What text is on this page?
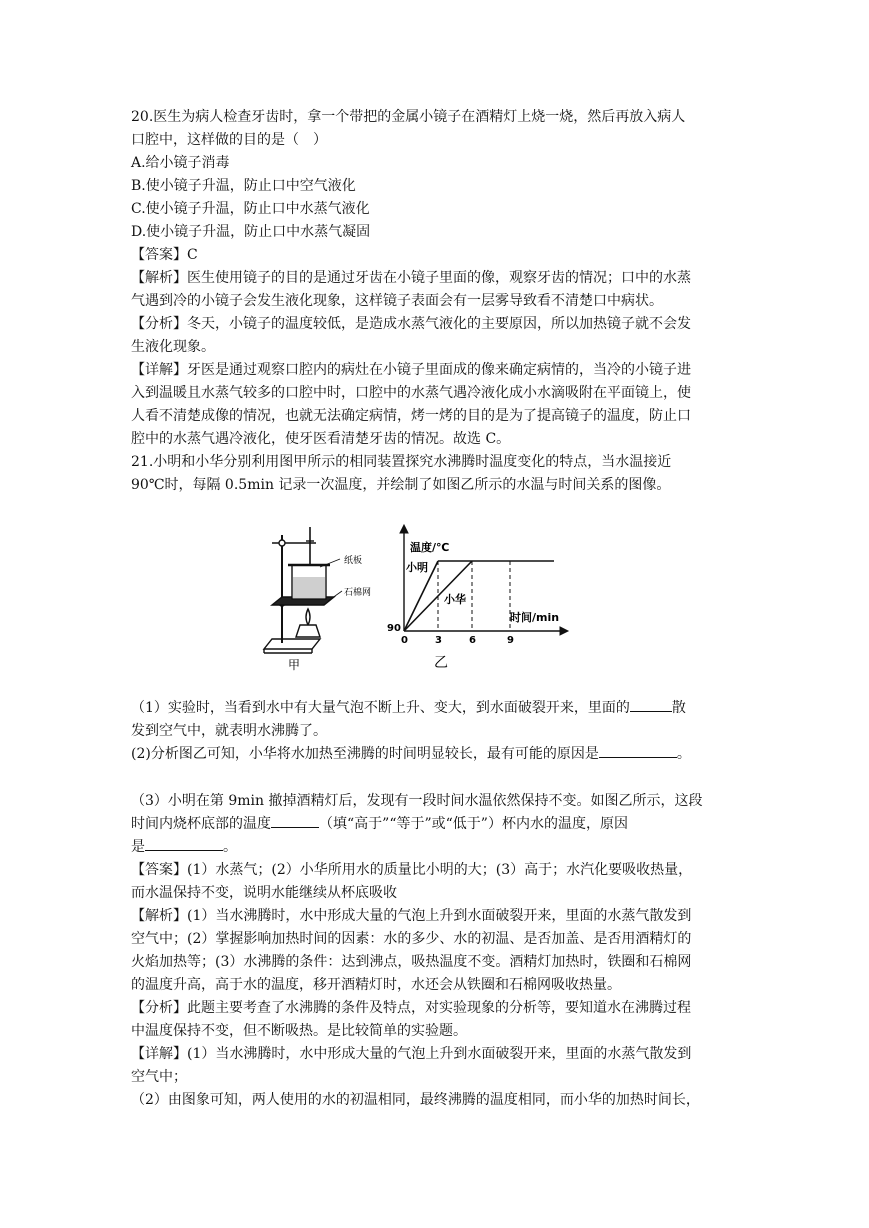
20.医生为病人检查牙齿时，拿一个带把的金属小镜子在酒精灯上烧一烧，然后再放入病人

口腔中，这样做的目的是（　）

A.给小镜子消毒

B.使小镜子升温，防止口中空气液化

C.使小镜子升温，防止口中水蒸气液化

D.使小镜子升温，防止口中水蒸气凝固

【答案】C

【解析】医生使用镜子的目的是通过牙齿在小镜子里面的像，观察牙齿的情况；口中的水蒸

气遇到冷的小镜子会发生液化现象，这样镜子表面会有一层雾导致看不清楚口中病状。

【分析】冬天，小镜子的温度较低，是造成水蒸气液化的主要原因，所以加热镜子就不会发

生液化现象。

【详解】牙医是通过观察口腔内的病灶在小镜子里面成的像来确定病情的，当冷的小镜子进

入到温暖且水蒸气较多的口腔中时，口腔中的水蒸气遇冷液化成小水滴吸附在平面镜上，使

人看不清楚成像的情况，也就无法确定病情，烤一烤的目的是为了提高镜子的温度，防止口

腔中的水蒸气遇冷液化，使牙医看清楚牙齿的情况。故选 C。

21.小明和小华分别利用图甲所示的相同装置探究水沸腾时温度变化的特点，当水温接近

90℃时，每隔 0.5min 记录一次温度，并绘制了如图乙所示的水温与时间关系的图像。

纸板
石棉网
甲
温度/℃
时间/min
90
0
小明
小华
3	6	9
乙

（1）实验时，当看到水中有大量气泡不断上升、变大，到水面破裂开来，里面的	散

发到空气中，就表明水沸腾了。

(2)分析图乙可知，小华将水加热至沸腾的时间明显较长，最有可能的原因是	。

（3）小明在第 9min 撤掉酒精灯后，发现有一段时间水温依然保持不变。如图乙所示，这段

时间内烧杯底部的温度	（填“高于”“等于”或“低于”）杯内水的温度，原因

是	。

【答案】(1）水蒸气；(2）小华所用水的质量比小明的大；(3）高于；水汽化要吸收热量，

而水温保持不变，说明水能继续从杯底吸收

【解析】(1）当水沸腾时，水中形成大量的气泡上升到水面破裂开来，里面的水蒸气散发到

空气中；(2）掌握影响加热时间的因素：水的多少、水的初温、是否加盖、是否用酒精灯的

火焰加热等；(3）水沸腾的条件：达到沸点，吸热温度不变。酒精灯加热时，铁圈和石棉网

的温度升高，高于水的温度，移开酒精灯时，水还会从铁圈和石棉网吸收热量。

【分析】此题主要考查了水沸腾的条件及特点，对实验现象的分析等，要知道水在沸腾过程

中温度保持不变，但不断吸热。是比较简单的实验题。

【详解】(1）当水沸腾时，水中形成大量的气泡上升到水面破裂开来，里面的水蒸气散发到

空气中；

（2）由图象可知，两人使用的水的初温相同，最终沸腾的温度相同，而小华的加热时间长，
